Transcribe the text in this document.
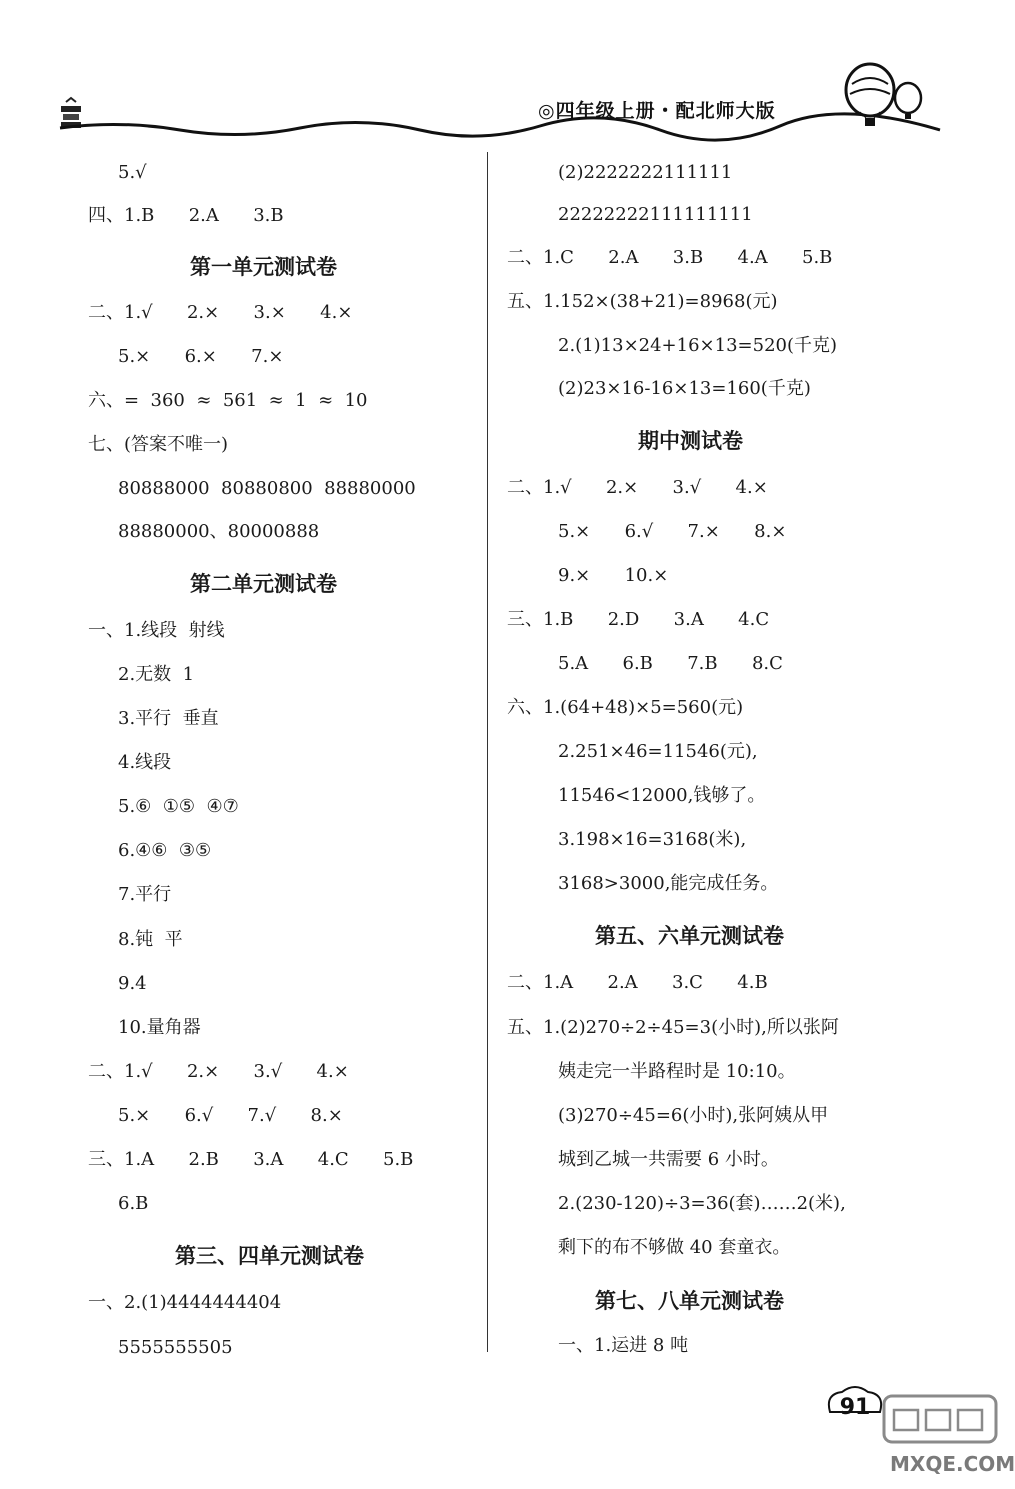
◎四年级上册・配北师大版
5.√
四、1.B      2.A      3.B
第一单元测试卷
二、1.√      2.×      3.×      4.×
5.×      6.×      7.×
六、=  360  ≈  561  ≈  1  ≈  10
七、(答案不唯一)
80888000  80880800  88880000
88880000、80000888
第二单元测试卷
一、1.线段  射线
2.无数  1
3.平行  垂直
4.线段
5.⑥  ①⑤  ④⑦
6.④⑥  ③⑤
7.平行
8.钝  平
9.4
10.量角器
二、1.√      2.×      3.√      4.×
5.×      6.√      7.√      8.×
三、1.A      2.B      3.A      4.C      5.B
6.B
第三、四单元测试卷
一、2.(1)4444444404
5555555505
(2)2222222111111
22222222111111111
二、1.C      2.A      3.B      4.A      5.B
五、1.152×(38+21)=8968(元)
2.(1)13×24+16×13=520(千克)
(2)23×16-16×13=160(千克)
期中测试卷
二、1.√      2.×      3.√      4.×
5.×      6.√      7.×      8.×
9.×      10.×
三、1.B      2.D      3.A      4.C
5.A      6.B      7.B      8.C
六、1.(64+48)×5=560(元)
2.251×46=11546(元),
11546<12000,钱够了。
3.198×16=3168(米),
3168>3000,能完成任务。
第五、六单元测试卷
二、1.A      2.A      3.C      4.B
五、1.(2)270÷2÷45=3(小时),所以张阿
姨走完一半路程时是 10:10。
(3)270÷45=6(小时),张阿姨从甲
城到乙城一共需要 6 小时。
2.(230-120)÷3=36(套)……2(米),
剩下的布不够做 40 套童衣。
第七、八单元测试卷
一、1.运进 8 吨
91
MXQE.COM
